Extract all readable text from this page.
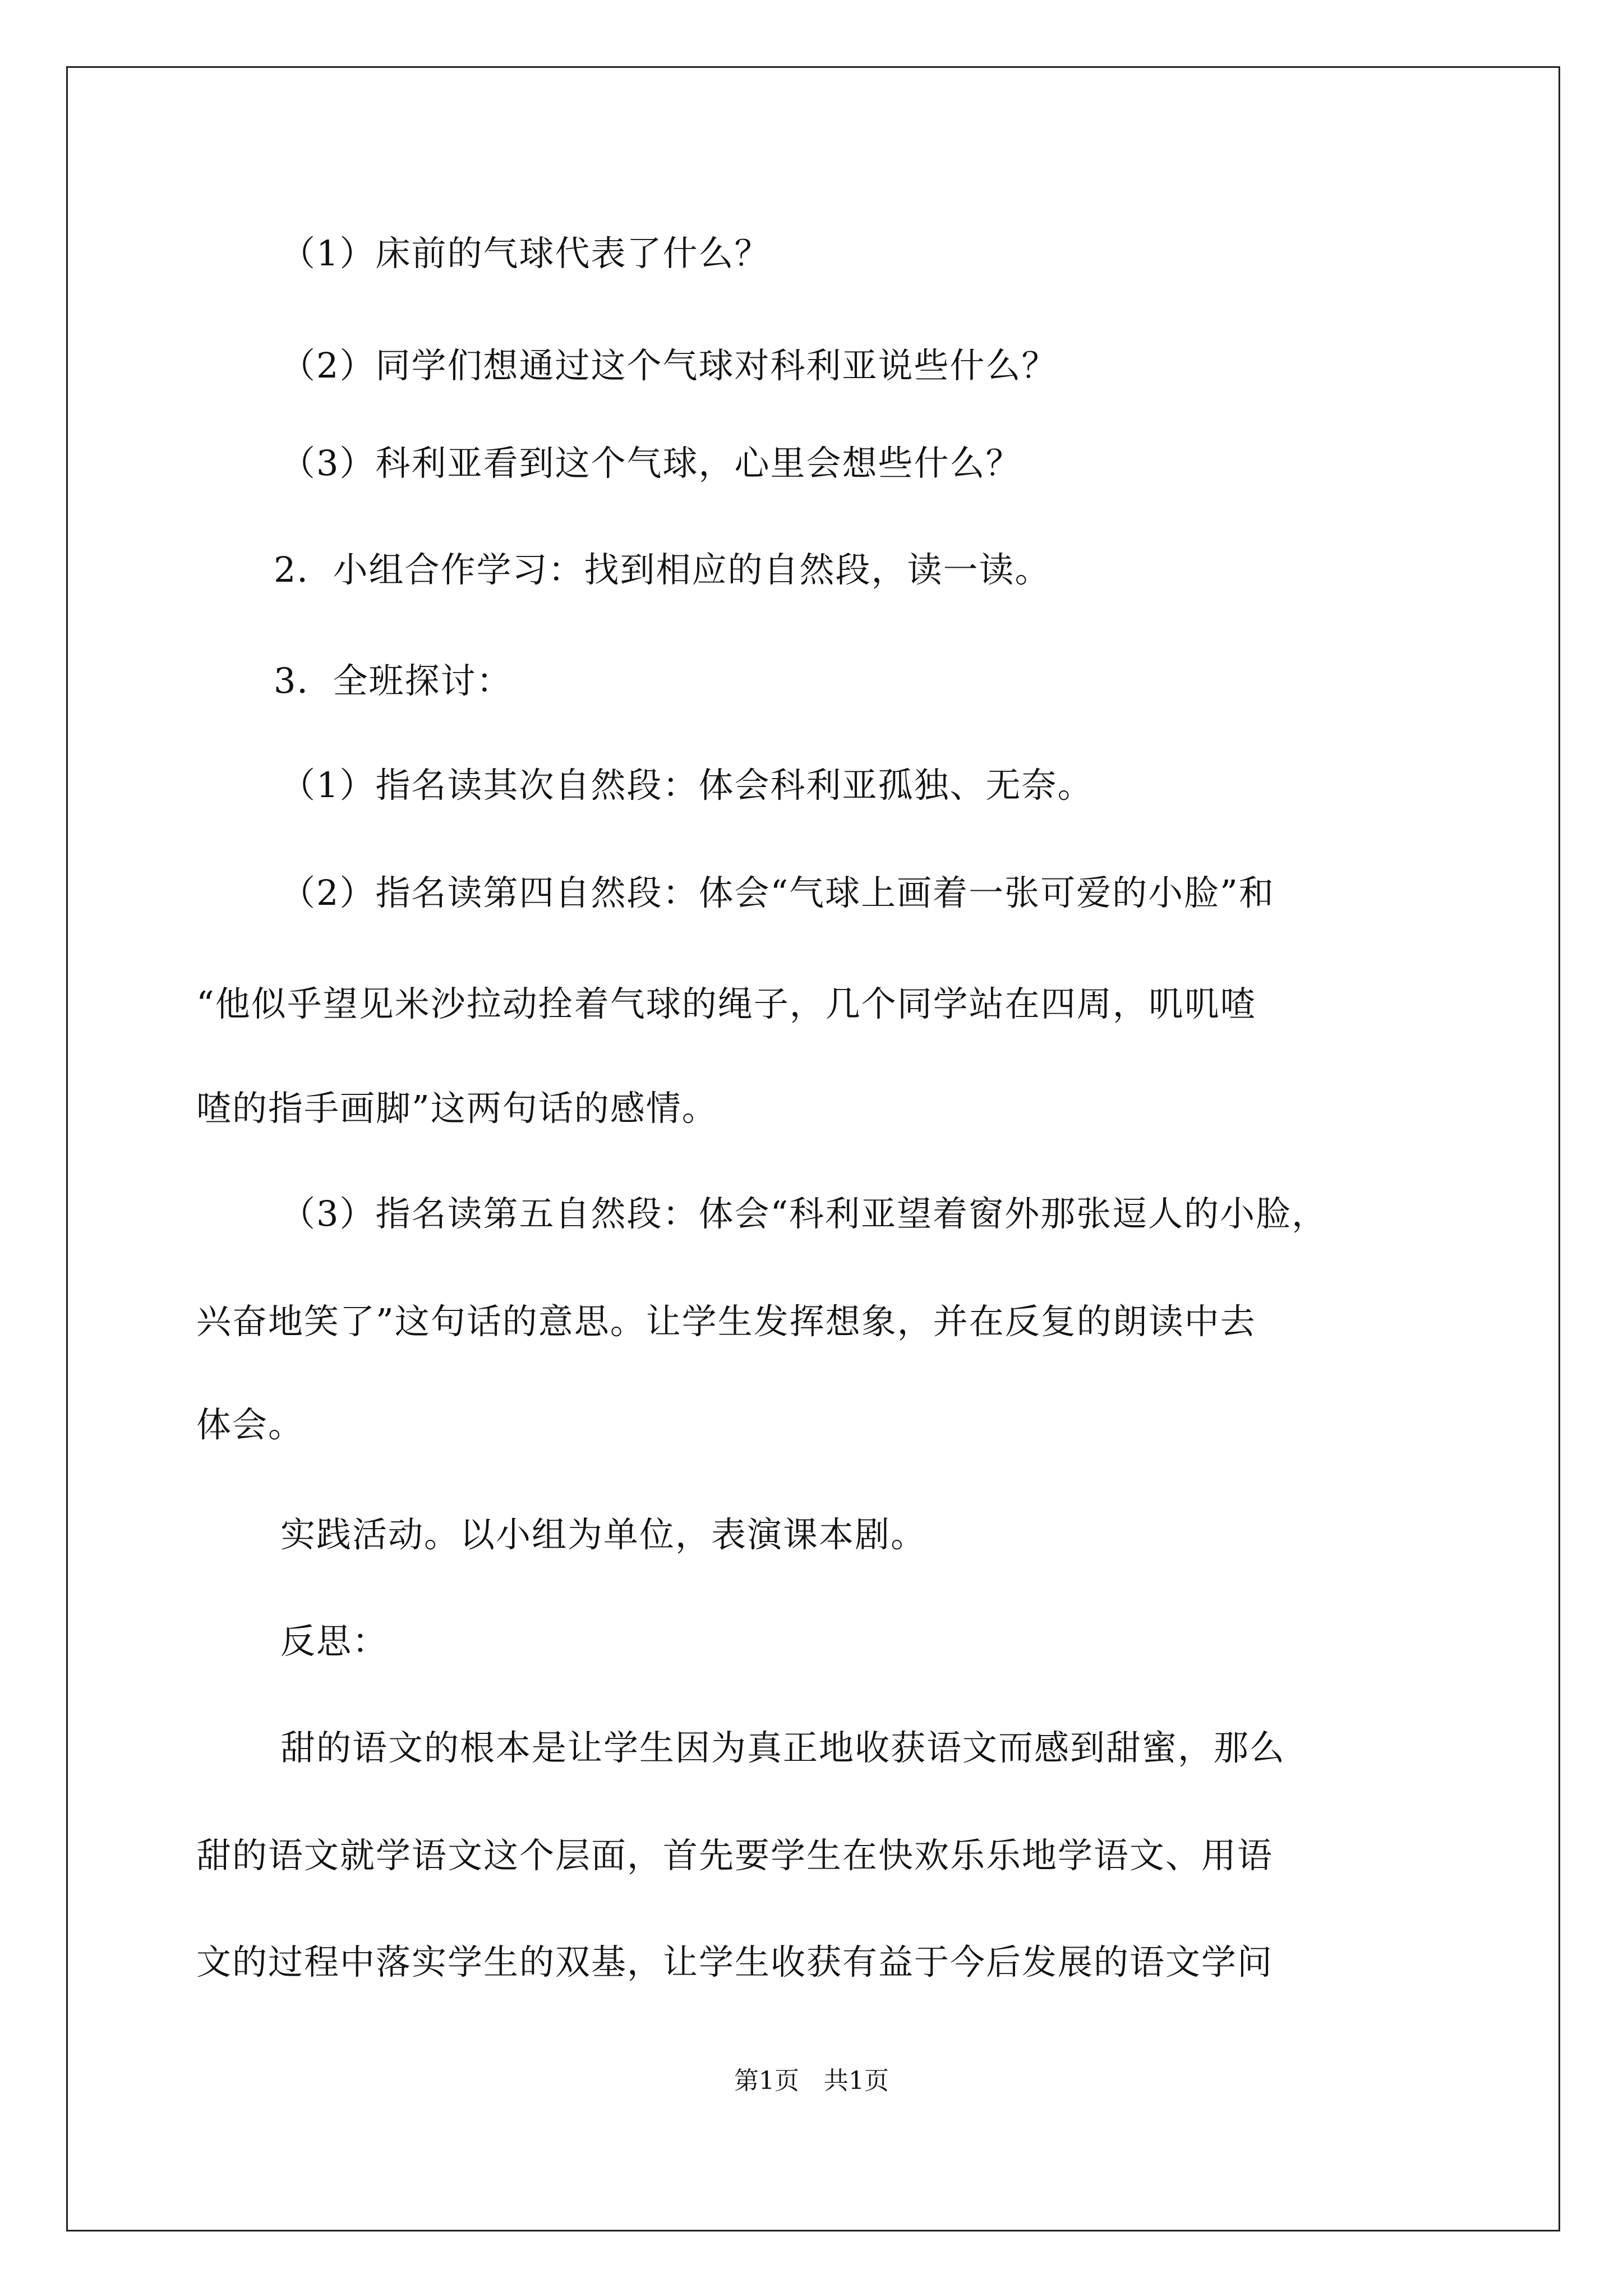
（1）床前的气球代表了什么？
（2）同学们想通过这个气球对科利亚说些什么？
（3）科利亚看到这个气球，心里会想些什么？
2．小组合作学习：找到相应的自然段，读一读。
3．全班探讨：
（1）指名读其次自然段：体会科利亚孤独、无奈。
（2）指名读第四自然段：体会“气球上画着一张可爱的小脸”和
“他似乎望见米沙拉动拴着气球的绳子，几个同学站在四周，叽叽喳
喳的指手画脚”这两句话的感情。
（3）指名读第五自然段：体会“科利亚望着窗外那张逗人的小脸，
兴奋地笑了”这句话的意思。让学生发挥想象，并在反复的朗读中去
体会。
实践活动。以小组为单位，表演课本剧。
反思：
甜的语文的根本是让学生因为真正地收获语文而感到甜蜜，那么
甜的语文就学语文这个层面，首先要学生在快欢乐乐地学语文、用语
文的过程中落实学生的双基，让学生收获有益于今后发展的语文学问
第1页　共1页
